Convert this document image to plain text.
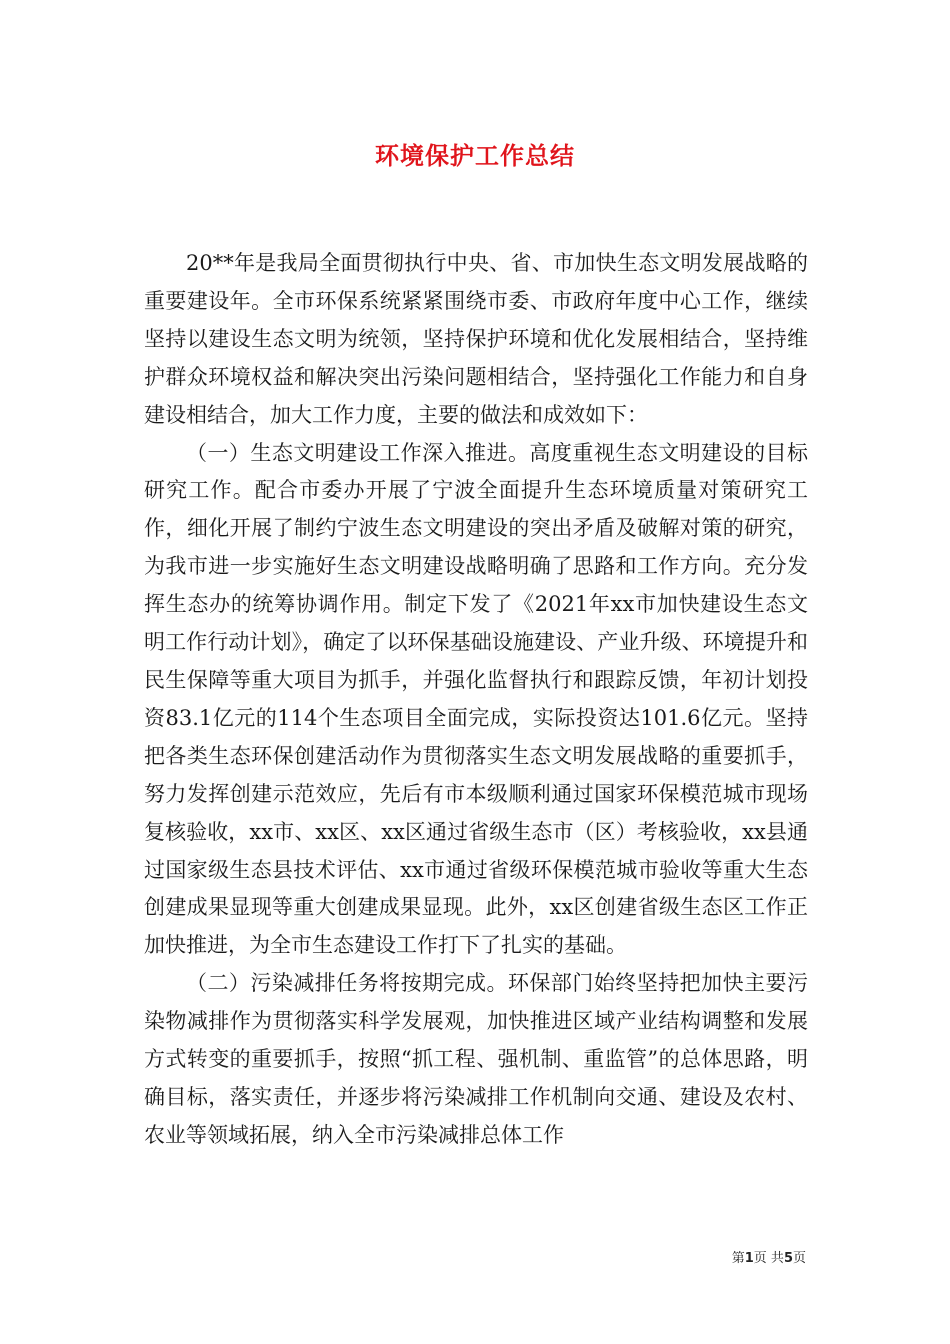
环境保护工作总结

20**年是我局全面贯彻执行中央、省、市加快生态文明发展战略的重要建设年。全市环保系统紧紧围绕市委、市政府年度中心工作，继续坚持以建设生态文明为统领，坚持保护环境和优化发展相结合，坚持维护群众环境权益和解决突出污染问题相结合，坚持强化工作能力和自身建设相结合，加大工作力度，主要的做法和成效如下：

（一）生态文明建设工作深入推进。高度重视生态文明建设的目标研究工作。配合市委办开展了宁波全面提升生态环境质量对策研究工作，细化开展了制约宁波生态文明建设的突出矛盾及破解对策的研究，为我市进一步实施好生态文明建设战略明确了思路和工作方向。充分发挥生态办的统筹协调作用。制定下发了《2021年xx市加快建设生态文明工作行动计划》，确定了以环保基础设施建设、产业升级、环境提升和民生保障等重大项目为抓手，并强化监督执行和跟踪反馈，年初计划投资83.1亿元的114个生态项目全面完成，实际投资达101.6亿元。坚持把各类生态环保创建活动作为贯彻落实生态文明发展战略的重要抓手，努力发挥创建示范效应，先后有市本级顺利通过国家环保模范城市现场复核验收，xx市、xx区、xx区通过省级生态市（区）考核验收，xx县通过国家级生态县技术评估、xx市通过省级环保模范城市验收等重大生态创建成果显现等重大创建成果显现。此外，xx区创建省级生态区工作正加快推进，为全市生态建设工作打下了扎实的基础。

（二）污染减排任务将按期完成。环保部门始终坚持把加快主要污染物减排作为贯彻落实科学发展观，加快推进区域产业结构调整和发展方式转变的重要抓手，按照“抓工程、强机制、重监管”的总体思路，明确目标，落实责任，并逐步将污染减排工作机制向交通、建设及农村、农业等领域拓展，纳入全市污染减排总体工作

第1页 共5页
